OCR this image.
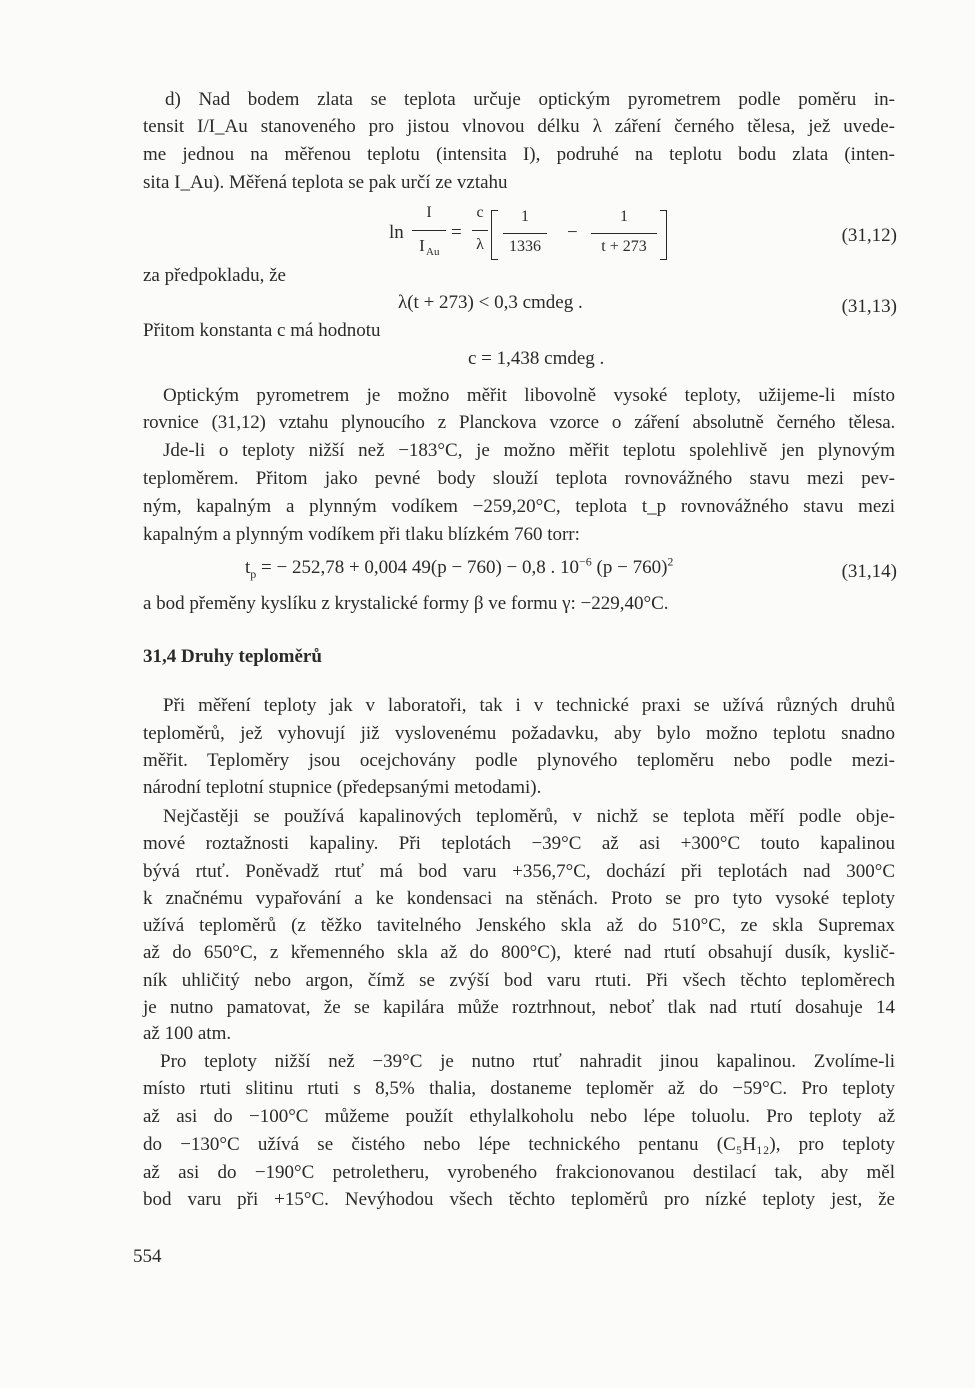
d) Nad bodem zlata se teplota určuje optickým pyrometrem podle poměru in-
tensit I/I_Au stanoveného pro jistou vlnovou délku λ záření černého tělesa, jež uvede-
me jednou na měřenou teplotu (intensita I), podruhé na teplotu bodu zlata (inten-
sita I_Au). Měřená teplota se pak určí ze vztahu
ln
I
I Au
=
c
λ
1
1336
−
1
t + 273
(31,12)
za předpokladu, že
λ(t + 273) < 0,3 cmdeg .	(31,13)
Přitom konstanta c má hodnotu
c = 1,438 cmdeg .
Optickým pyrometrem je možno měřit libovolně vysoké teploty, užijeme-li místo
rovnice (31,12) vztahu plynoucího z Planckova vzorce o záření absolutně černého tělesa.
Jde-li o teploty nižší než −183°C, je možno měřit teplotu spolehlivě jen plynovým
teploměrem. Přitom jako pevné body slouží teplota rovnovážného stavu mezi pev-
ným, kapalným a plynným vodíkem −259,20°C, teplota t_p rovnovážného stavu mezi
kapalným a plynným vodíkem při tlaku blízkém 760 torr:
$t_p$ = − 252,78 + 0,004 49(p − 760) − 0,8 . $10^{-6}$ $(p - 760)^2$	(31,14)
a bod přeměny kyslíku z krystalické formy β ve formu γ: −229,40°C.
31,4 Druhy teploměrů
Při měření teploty jak v laboratoři, tak i v technické praxi se užívá různých druhů
teploměrů, jež vyhovují již vyslovenému požadavku, aby bylo možno teplotu snadno
měřit. Teploměry jsou ocejchovány podle plynového teploměru nebo podle mezi-
národní teplotní stupnice (předepsanými metodami).
Nejčastěji se používá kapalinových teploměrů, v nichž se teplota měří podle obje-
mové roztažnosti kapaliny. Při teplotách −39°C až asi +300°C touto kapalinou
bývá rtuť. Poněvadž rtuť má bod varu +356,7°C, dochází při teplotách nad 300°C
k značnému vypařování a ke kondensaci na stěnách. Proto se pro tyto vysoké teploty
užívá teploměrů (z těžko tavitelného Jenského skla až do 510°C, ze skla Supremax
až do 650°C, z křemenného skla až do 800°C), které nad rtutí obsahují dusík, kyslič-
ník uhličitý nebo argon, čímž se zvýší bod varu rtuti. Při všech těchto teploměrech
je nutno pamatovat, že se kapilára může roztrhnout, neboť tlak nad rtutí dosahuje 14
až 100 atm.
Pro teploty nižší než −39°C je nutno rtuť nahradit jinou kapalinou. Zvolíme-li
místo rtuti slitinu rtuti s 8,5% thalia, dostaneme teploměr až do −59°C. Pro teploty
až asi do −100°C můžeme použít ethylalkoholu nebo lépe toluolu. Pro teploty až
do −130°C užívá se čistého nebo lépe technického pentanu (C₅H₁₂), pro teploty
až asi do −190°C petroletheru, vyrobeného frakcionovanou destilací tak, aby měl
bod varu při +15°C. Nevýhodou všech těchto teploměrů pro nízké teploty jest, že
554
